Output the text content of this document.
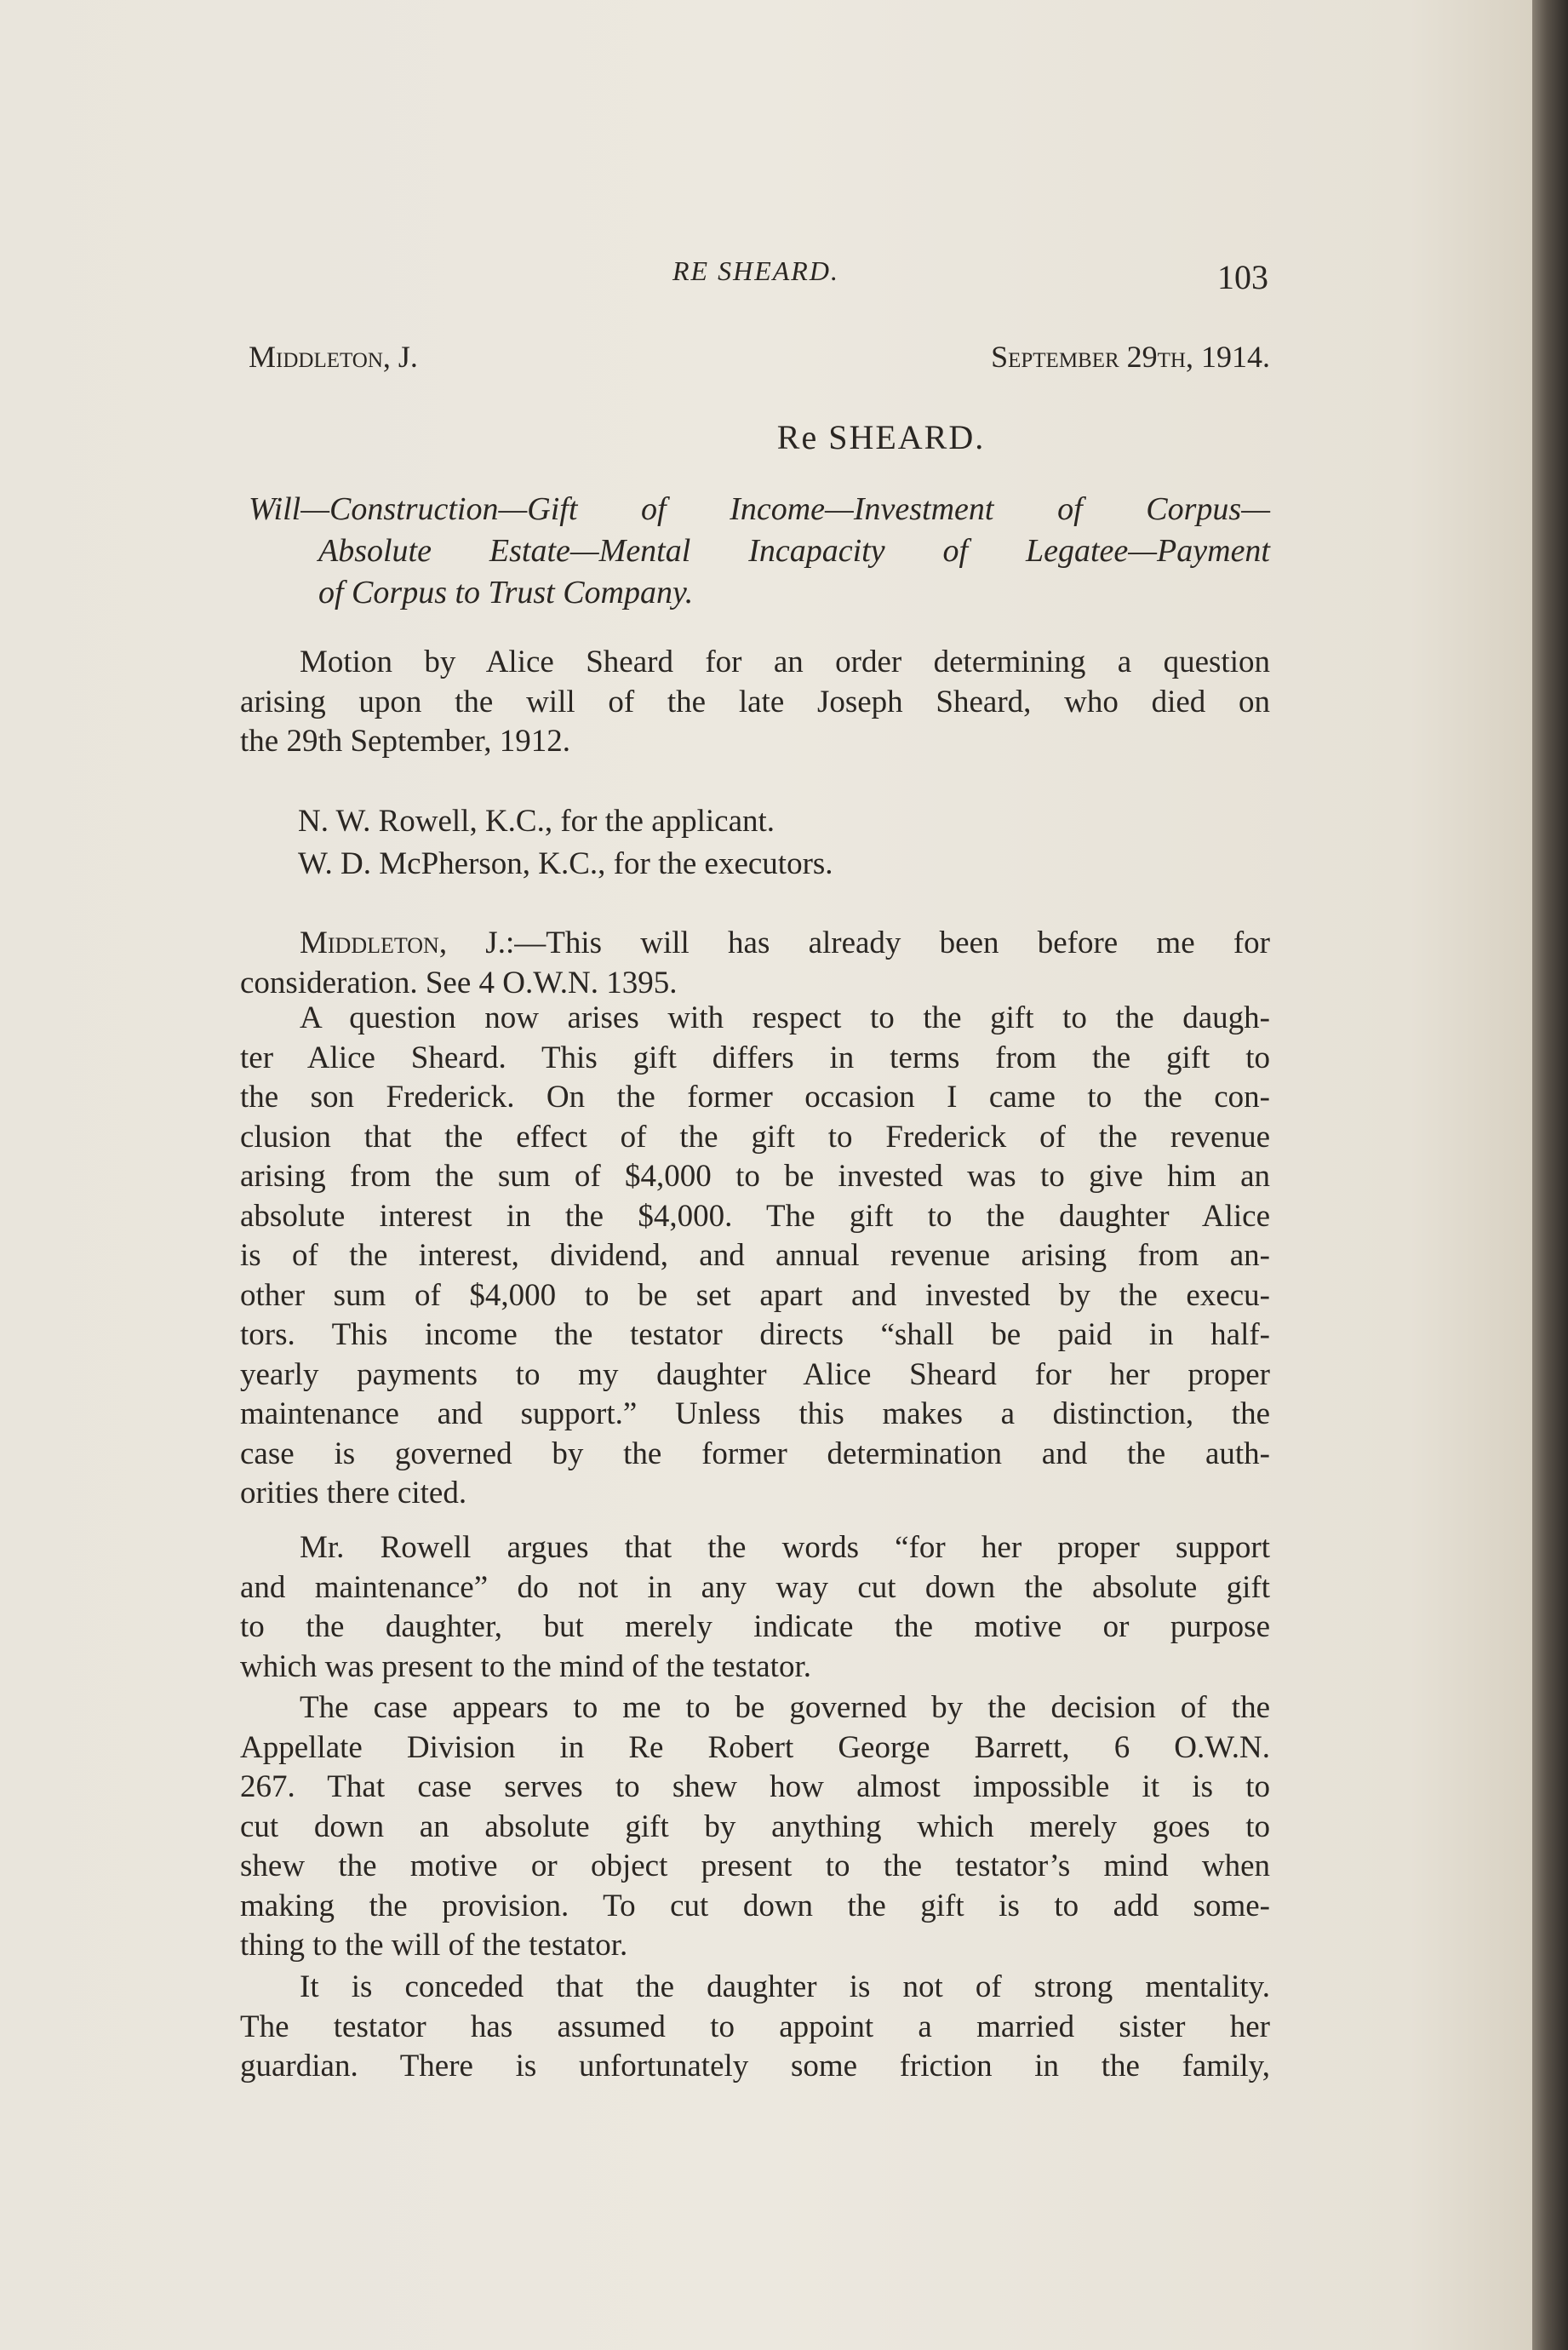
RE SHEARD.	103
Middleton, J.	September 29th, 1914.
Re SHEARD.
Will—Construction—Gift of Income—Investment of Corpus—
Absolute Estate—Mental Incapacity of Legatee—Payment
of Corpus to Trust Company.
Motion by Alice Sheard for an order determining a question
arising upon the will of the late Joseph Sheard, who died on
the 29th September, 1912.
N. W. Rowell, K.C., for the applicant.
W. D. McPherson, K.C., for the executors.
Middleton, J.:—This will has already been before me for
consideration. See 4 O.W.N. 1395.
A question now arises with respect to the gift to the daugh-
ter Alice Sheard. This gift differs in terms from the gift to
the son Frederick. On the former occasion I came to the con-
clusion that the effect of the gift to Frederick of the revenue
arising from the sum of $4,000 to be invested was to give him an
absolute interest in the $4,000. The gift to the daughter Alice
is of the interest, dividend, and annual revenue arising from an-
other sum of $4,000 to be set apart and invested by the execu-
tors. This income the testator directs “shall be paid in half-
yearly payments to my daughter Alice Sheard for her proper
maintenance and support.” Unless this makes a distinction, the
case is governed by the former determination and the auth-
orities there cited.
Mr. Rowell argues that the words “for her proper support
and maintenance” do not in any way cut down the absolute gift
to the daughter, but merely indicate the motive or purpose
which was present to the mind of the testator.
The case appears to me to be governed by the decision of the
Appellate Division in Re Robert George Barrett, 6 O.W.N.
267. That case serves to shew how almost impossible it is to
cut down an absolute gift by anything which merely goes to
shew the motive or object present to the testator’s mind when
making the provision. To cut down the gift is to add some-
thing to the will of the testator.
It is conceded that the daughter is not of strong mentality.
The testator has assumed to appoint a married sister her
guardian. There is unfortunately some friction in the family,
